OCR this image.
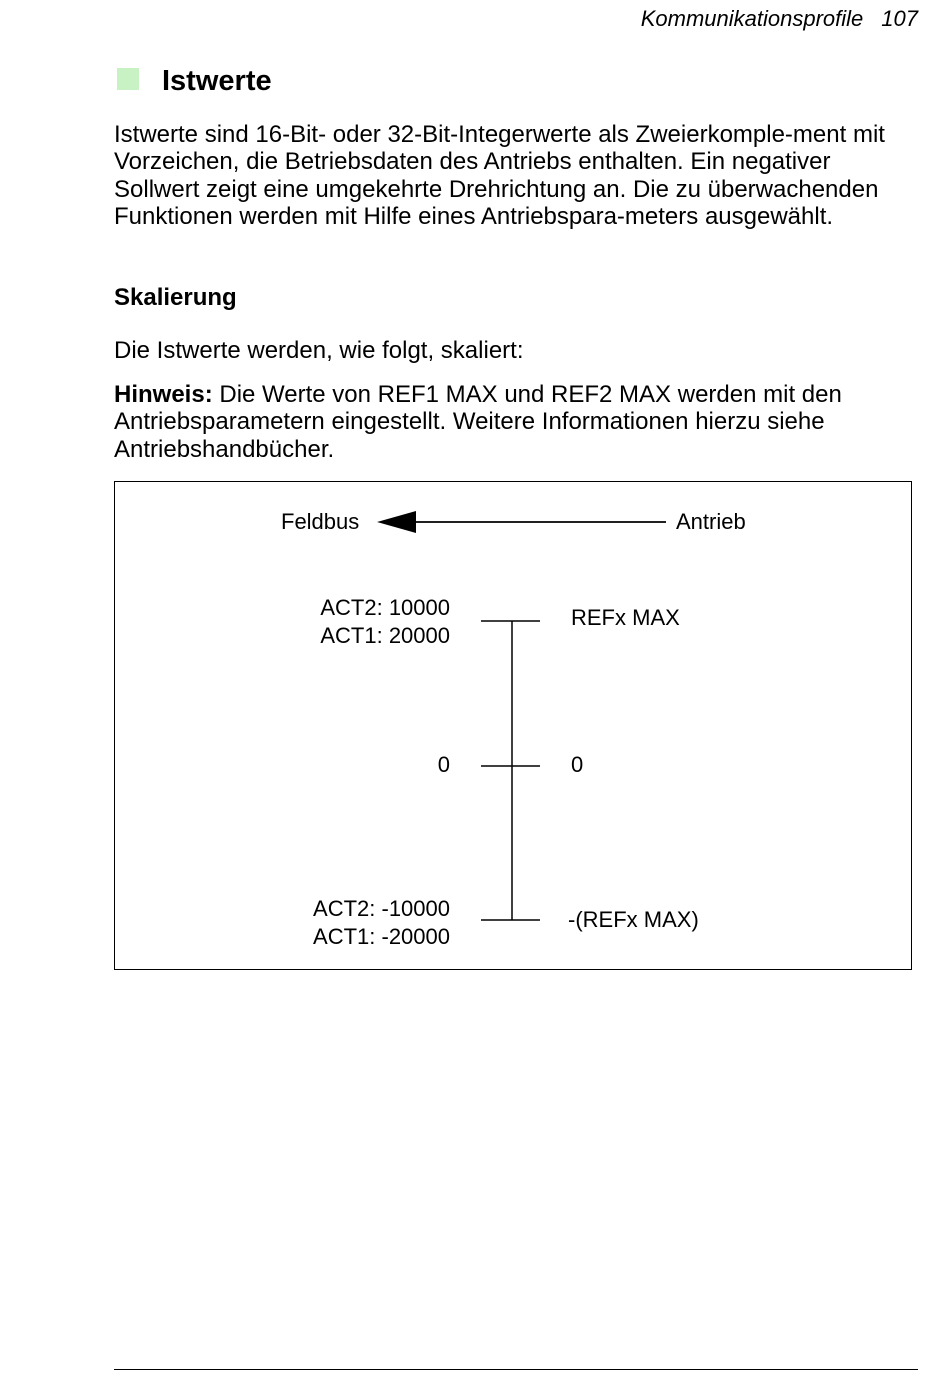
Kommunikationsprofile 107
Istwerte

Istwerte sind 16-Bit- oder 32-Bit-Integerwerte als Zweierkomple-ment mit Vorzeichen, die Betriebsdaten des Antriebs enthalten. Ein negativer Sollwert zeigt eine umgekehrte Drehrichtung an. Die zu überwachenden Funktionen werden mit Hilfe eines Antriebspara-meters ausgewählt.

Skalierung

Die Istwerte werden, wie folgt, skaliert:

Hinweis: Die Werte von REF1 MAX und REF2 MAX werden mit den Antriebsparametern eingestellt. Weitere Informationen hierzu siehe Antriebshandbücher.

Feldbus	Antrieb
ACT2: 10000
ACT1: 20000
REFx MAX
0	0
ACT2: -10000
ACT1: -20000
-(REFx MAX)
